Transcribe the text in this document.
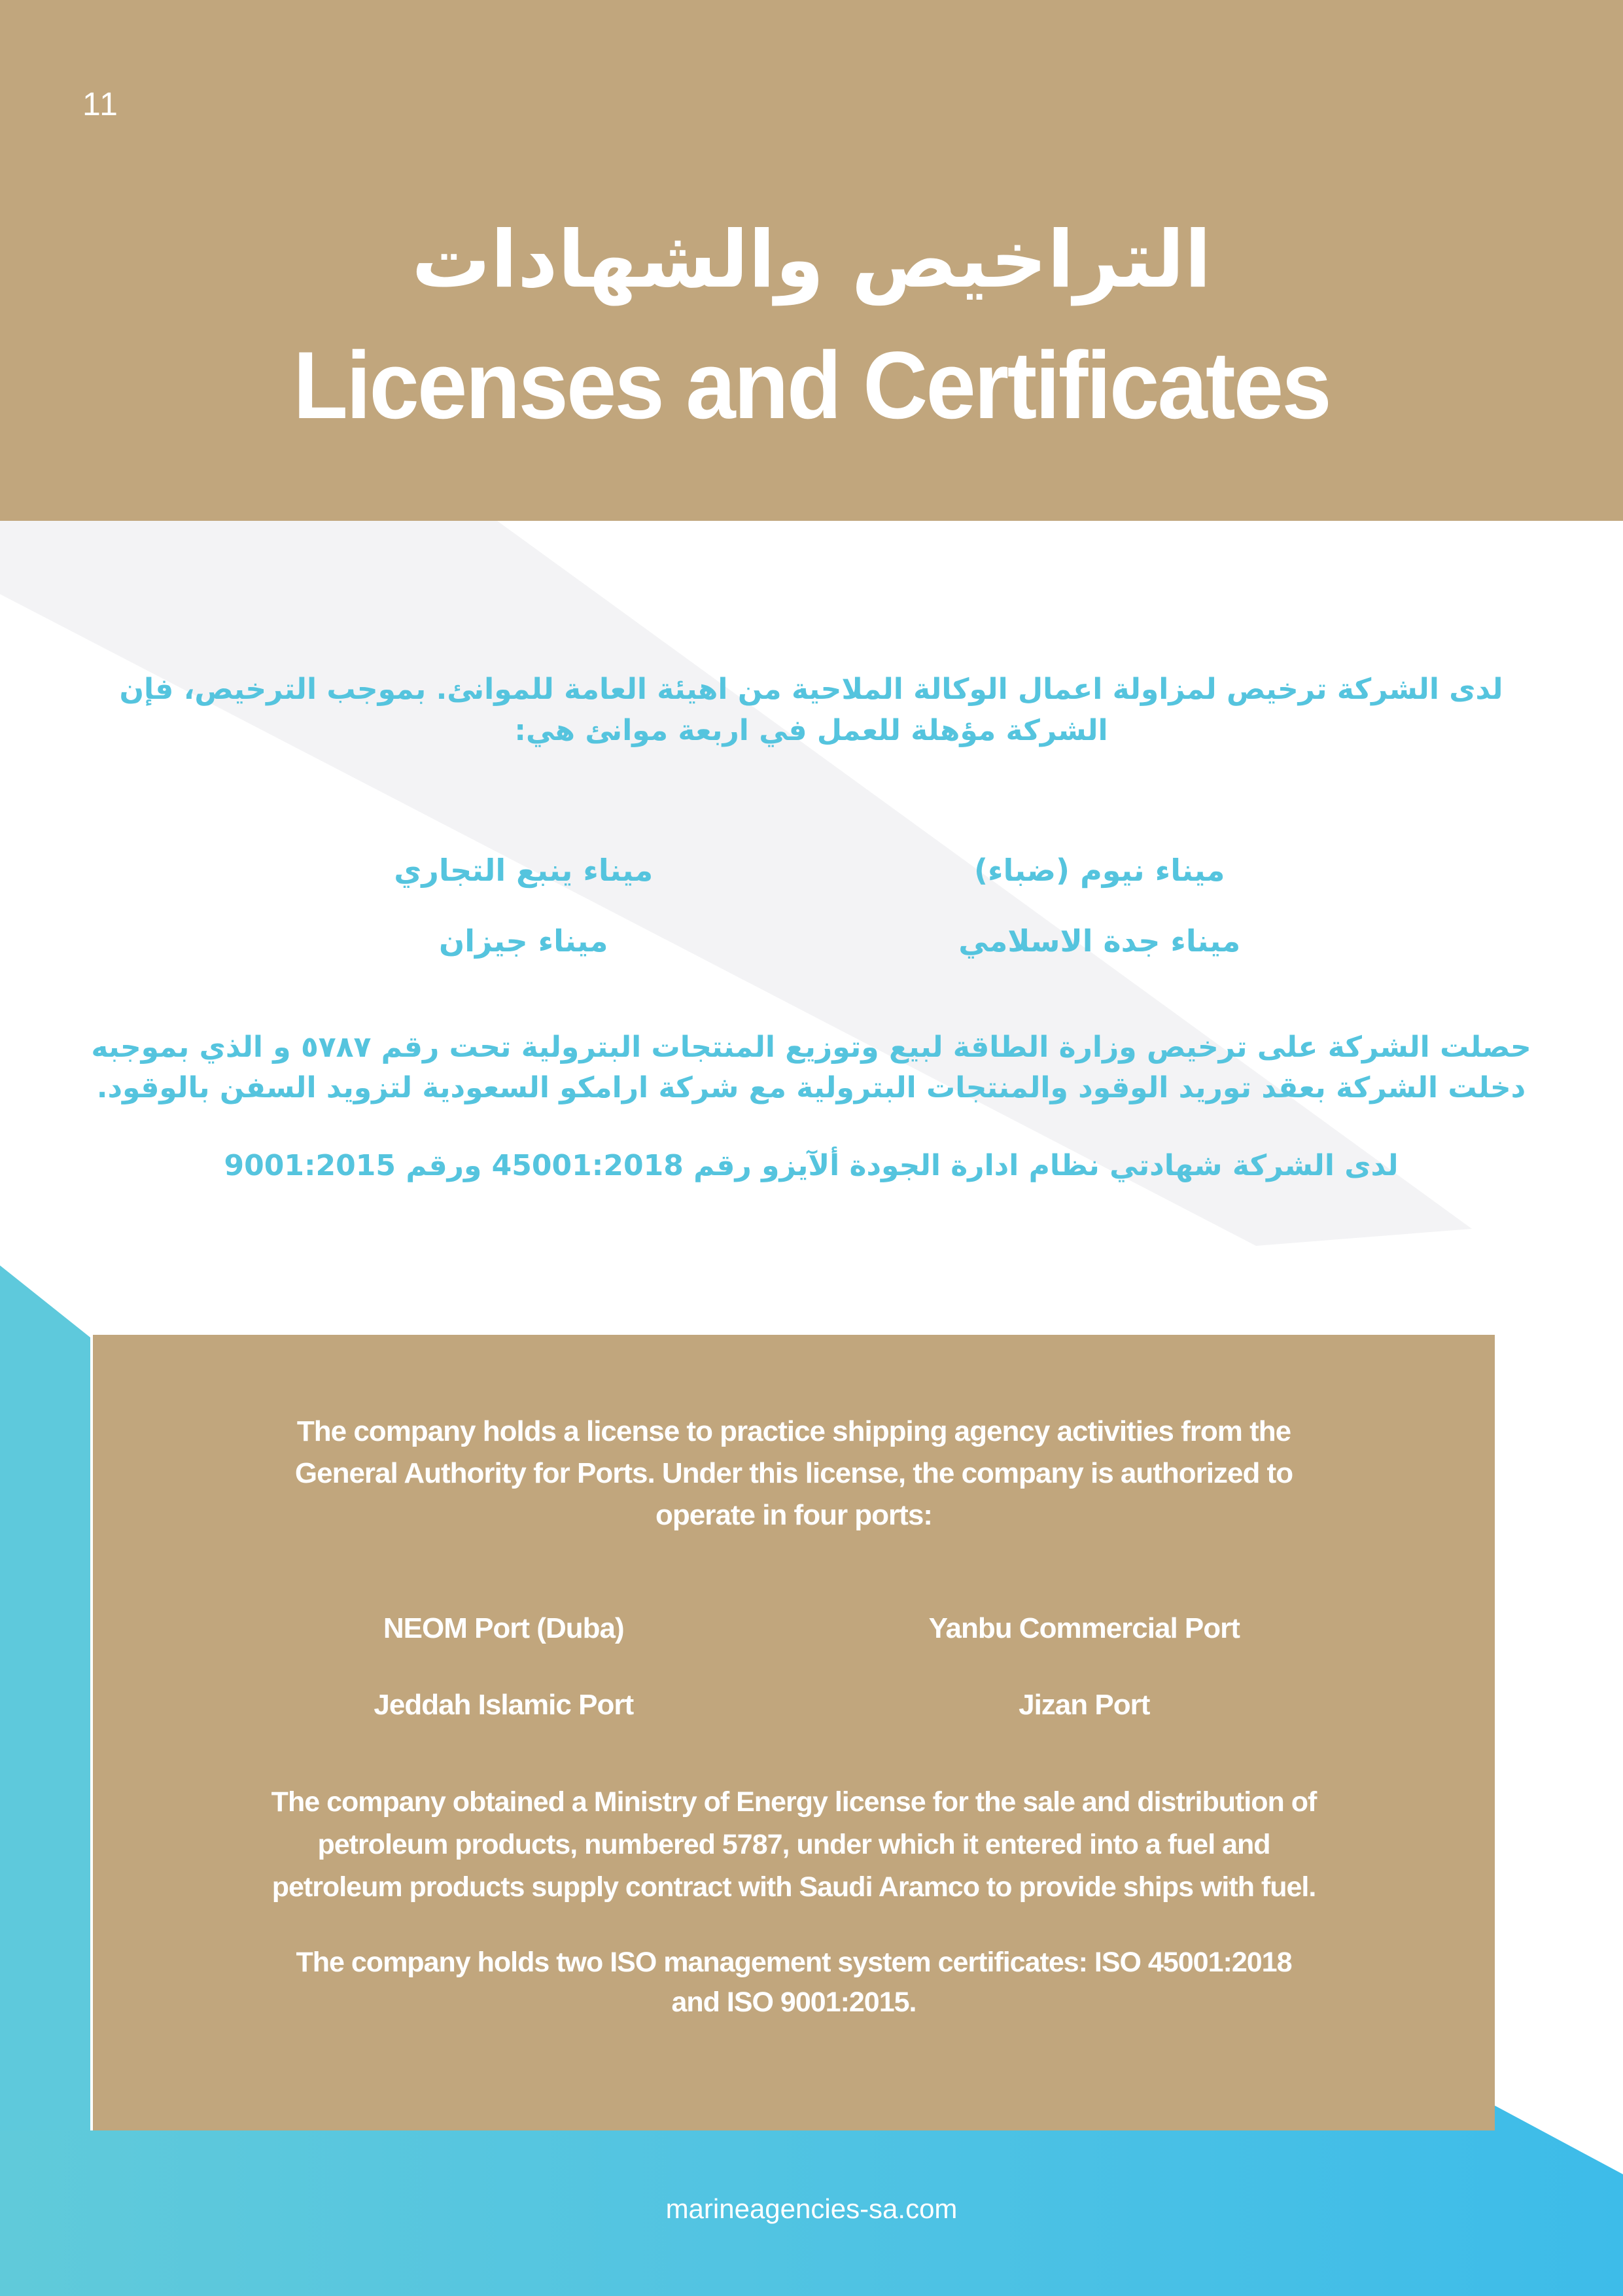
11
التراخيص والشهادات
Licenses and Certificates
لدى الشركة ترخيص لمزاولة اعمال الوكالة الملاحية من اهيئة العامة للموانئ. بموجب الترخيص، فإن
الشركة مؤهلة للعمل في اربعة موانئ هي:
ميناء نيوم (ضباء)
ميناء ينبع التجاري
ميناء جدة الاسلامي
ميناء جيزان
حصلت الشركة على ترخيص وزارة الطاقة لبيع وتوزيع المنتجات البترولية تحت رقم ٥٧٨٧ و الذي بموجبه
دخلت الشركة بعقد توريد الوقود والمنتجات البترولية مع شركة ارامكو السعودية لتزويد السفن بالوقود.
لدى الشركة شهادتي نظام ادارة الجودة ألآيزو رقم 45001:2018 ورقم 9001:2015
The company holds a license to practice shipping agency activities from the
General Authority for Ports. Under this license, the company is authorized to
operate in four ports:
NEOM Port (Duba)	Yanbu Commercial Port
Jeddah Islamic Port	Jizan Port
The company obtained a Ministry of Energy license for the sale and distribution of
petroleum products, numbered 5787, under which it entered into a fuel and
petroleum products supply contract with Saudi Aramco to provide ships with fuel.
The company holds two ISO management system certificates: ISO 45001:2018
and ISO 9001:2015.
marineagencies-sa.com
